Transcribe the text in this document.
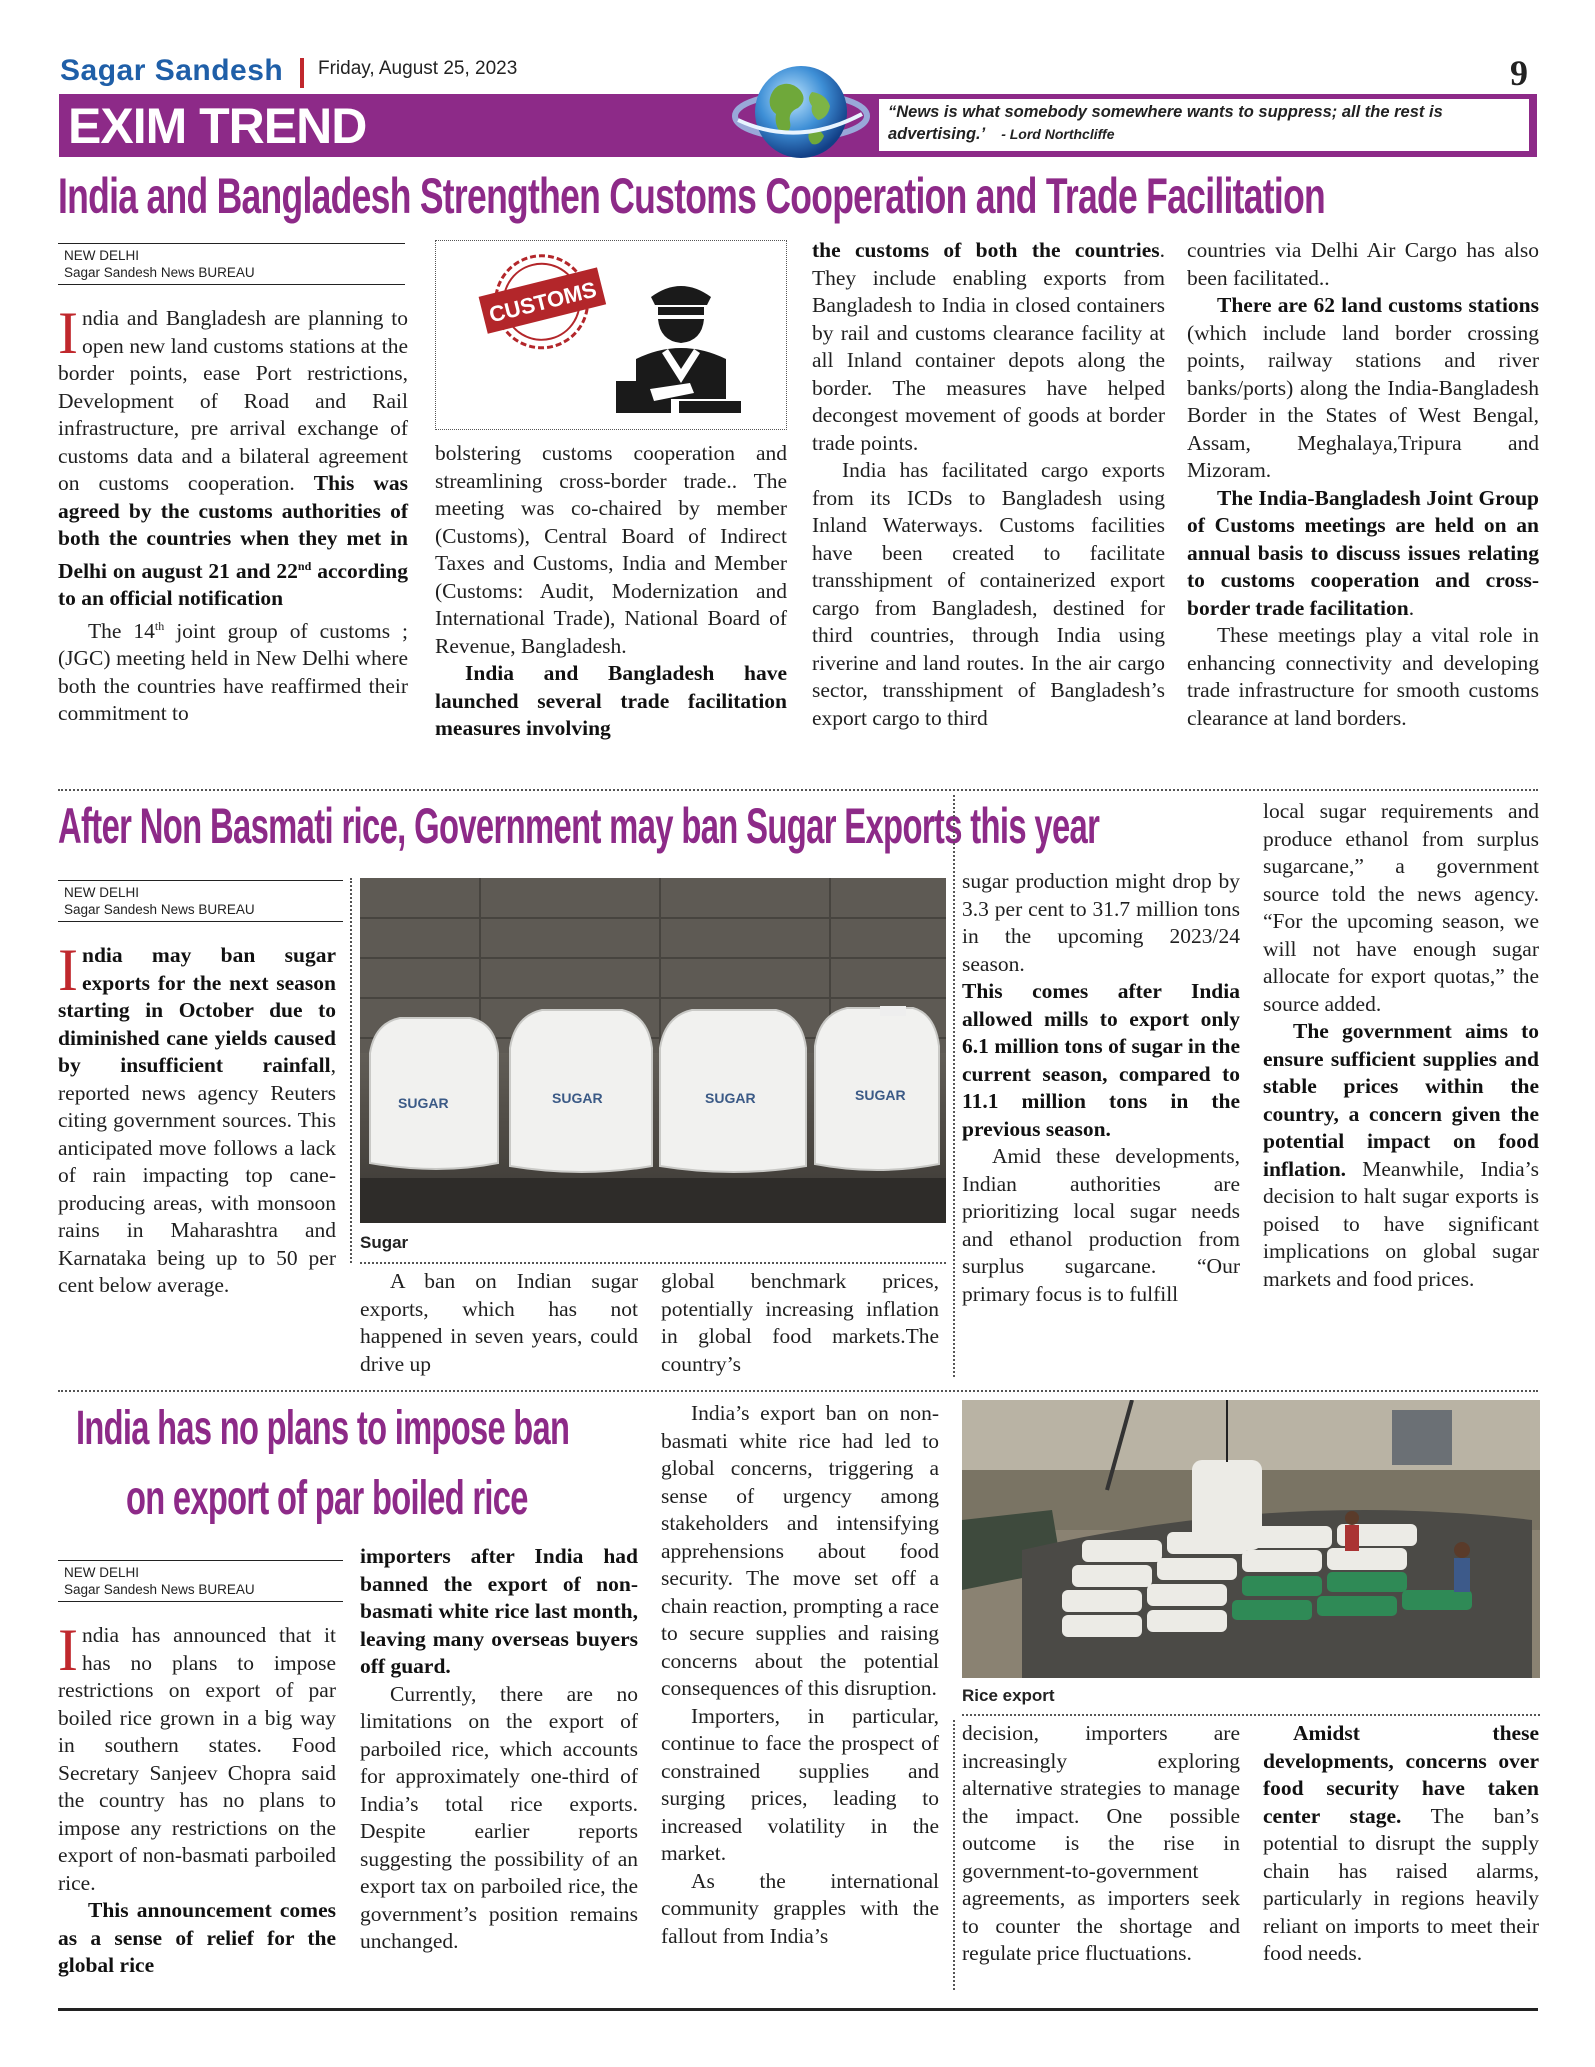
Sagar Sandesh Friday, August 25, 2023	9
EXIM TREND	“News is what somebody somewhere wants to suppress; all the rest is advertising.’ - Lord Northcliffe
India and Bangladesh Strengthen Customs Cooperation and Trade Facilitation
NEW DELHI
Sagar Sandesh News BUREAU

India and Bangladesh are planning to open new land customs stations at the border points, ease Port restrictions, Development of Road and Rail infrastructure, pre arrival exchange of customs data and a bilateral agreement on customs cooperation. This was agreed by the customs authorities of both the countries when they met in Delhi on august 21 and 22nd according to an official notification

The 14th joint group of customs ;(JGC) meeting held in New Delhi where both the countries have reaffirmed their commitment to

CUSTOMS

bolstering customs cooperation and streamlining cross-border trade.. The meeting was co-chaired by member (Customs), Central Board of Indirect Taxes and Customs, India and Member (Customs: Audit, Modernization and International Trade), National Board of Revenue, Bangladesh.

India and Bangladesh have launched several trade facilitation measures involving

the customs of both the countries. They include enabling exports from Bangladesh to India in closed containers by rail and customs clearance facility at all Inland container depots along the border. The measures have helped decongest movement of goods at border trade points.

India has facilitated cargo exports from its ICDs to Bangladesh using Inland Waterways. Customs facilities have been created to facilitate transshipment of containerized export cargo from Bangladesh, destined for third countries, through India using riverine and land routes. In the air cargo sector, transshipment of Bangladesh’s export cargo to third

countries via Delhi Air Cargo has also been facilitated..

There are 62 land customs stations (which include land border crossing points, railway stations and river banks/ports) along the India-Bangladesh Border in the States of West Bengal, Assam, Meghalaya,Tripura and Mizoram.

The India-Bangladesh Joint Group of Customs meetings are held on an annual basis to discuss issues relating to customs cooperation and cross-border trade facilitation.

These meetings play a vital role in enhancing connectivity and developing trade infrastructure for smooth customs clearance at land borders.

After Non Basmati rice, Government may ban Sugar Exports this year
NEW DELHI
Sagar Sandesh News BUREAU

India may ban sugar exports for the next season starting in October due to diminished cane yields caused by insufficient rainfall, reported news agency Reuters citing government sources. This anticipated move follows a lack of rain impacting top cane-producing areas, with monsoon rains in Maharashtra and Karnataka being up to 50 per cent below average.

SUGAR	SUGAR	SUGAR	SUGAR
Sugar

A ban on Indian sugar exports, which has not happened in seven years, could drive up

global benchmark prices, potentially increasing inflation in global food markets.The country’s

sugar production might drop by 3.3 per cent to 31.7 million tons in the upcoming 2023/24 season.

This comes after India allowed mills to export only 6.1 million tons of sugar in the current season, compared to 11.1 million tons in the previous season.

Amid these developments, Indian authorities are prioritizing local sugar needs and ethanol production from surplus sugarcane. “Our primary focus is to fulfill

local sugar requirements and produce ethanol from surplus sugarcane,” a government source told the news agency. “For the upcoming season, we will not have enough sugar allocate for export quotas,” the source added.

The government aims to ensure sufficient supplies and stable prices within the country, a concern given the potential impact on food inflation. Meanwhile, India’s decision to halt sugar exports is poised to have significant implications on global sugar markets and food prices.

India has no plans to impose ban
on export of par boiled rice
NEW DELHI
Sagar Sandesh News BUREAU

India has announced that it has no plans to impose restrictions on export of par boiled rice grown in a big way in southern states. Food Secretary Sanjeev Chopra said the country has no plans to impose any restrictions on the export of non-basmati parboiled rice.

This announcement comes as a sense of relief for the global rice

importers after India had banned the export of non-basmati white rice last month, leaving many overseas buyers off guard.

Currently, there are no limitations on the export of parboiled rice, which accounts for approximately one-third of India’s total rice exports. Despite earlier reports suggesting the possibility of an export tax on parboiled rice, the government’s position remains unchanged.

India’s export ban on non-basmati white rice had led to global concerns, triggering a sense of urgency among stakeholders and intensifying apprehensions about food security. The move set off a chain reaction, prompting a race to secure supplies and raising concerns about the potential consequences of this disruption.

Importers, in particular, continue to face the prospect of constrained supplies and surging prices, leading to increased volatility in the market.

As the international community grapples with the fallout from India’s

Rice export

decision, importers are increasingly exploring alternative strategies to manage the impact. One possible outcome is the rise in government-to-government agreements, as importers seek to counter the shortage and regulate price fluctuations.

Amidst these developments, concerns over food security have taken center stage. The ban’s potential to disrupt the supply chain has raised alarms, particularly in regions heavily reliant on imports to meet their food needs.
